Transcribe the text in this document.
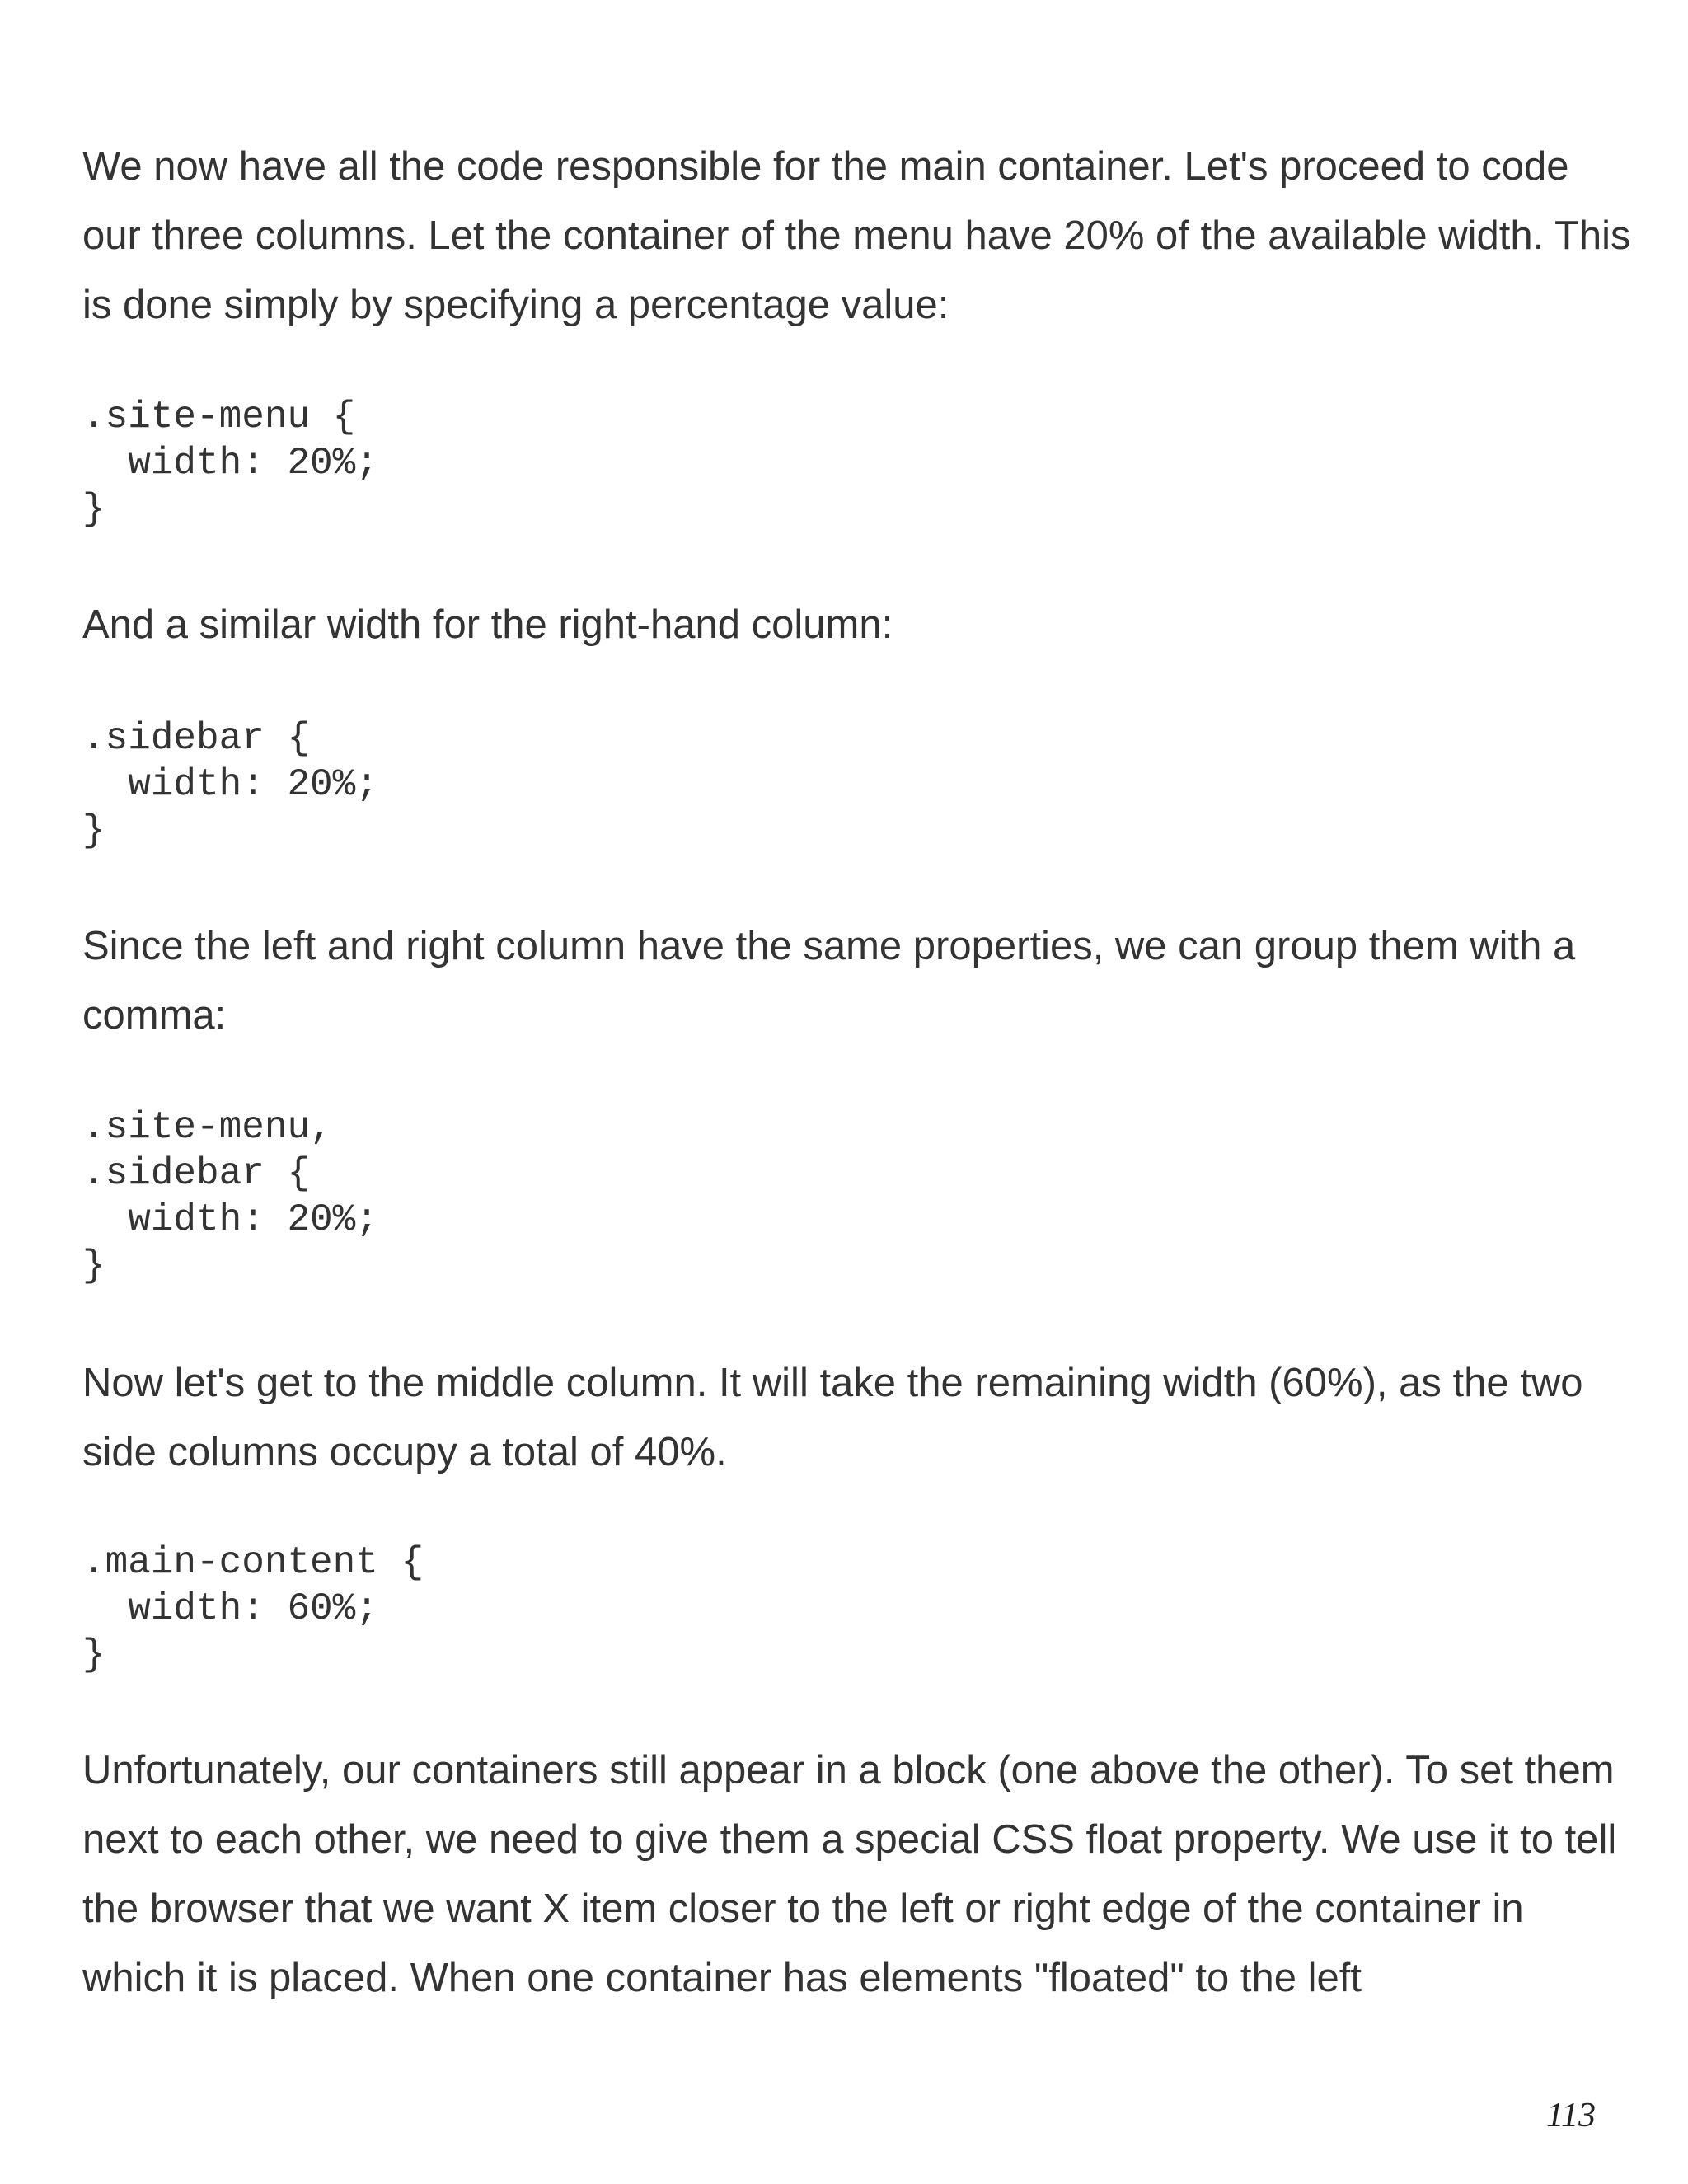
We now have all the code responsible for the main container. Let's proceed to code our three columns. Let the container of the menu have 20% of the available width. This is done simply by specifying a percentage value:

.site-menu {
width: 20%;
}

And a similar width for the right-hand column:

.sidebar {
width: 20%;
}

Since the left and right column have the same properties, we can group them with a comma:

.site-menu,
.sidebar {
width: 20%;
}

Now let's get to the middle column. It will take the remaining width (60%), as the two side columns occupy a total of 40%.

.main-content {
width: 60%;
}

Unfortunately, our containers still appear in a block (one above the other). To set them next to each other, we need to give them a special CSS float property. We use it to tell the browser that we want X item closer to the left or right edge of the container in which it is placed. When one container has elements "floated" to the left

113
